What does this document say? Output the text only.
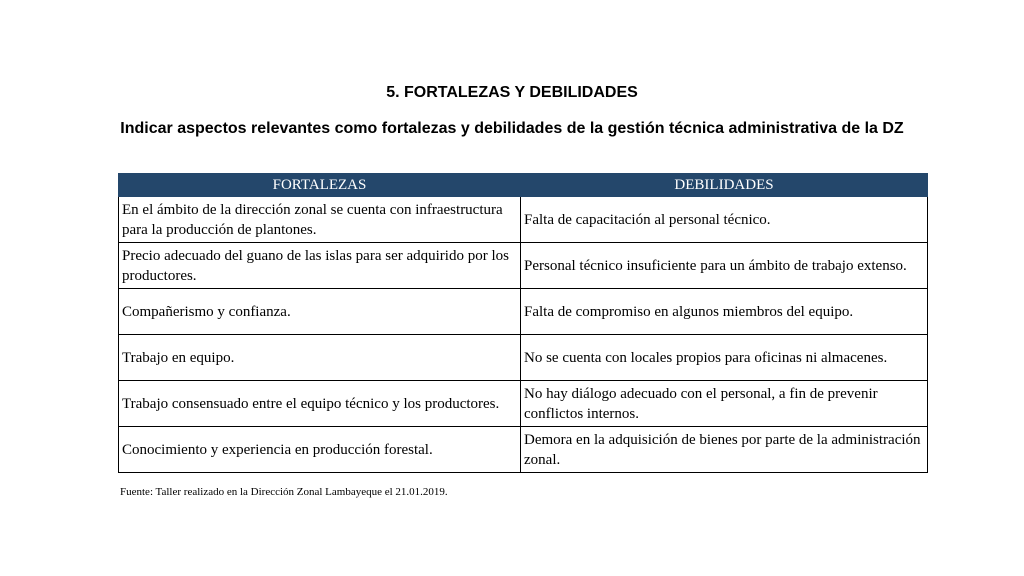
5. FORTALEZAS Y DEBILIDADES
Indicar aspectos relevantes como fortalezas y debilidades de la gestión técnica administrativa de la DZ
FORTALEZAS	DEBILIDADES
En el ámbito de la dirección zonal se cuenta con infraestructura para la producción de plantones.	Falta de capacitación al personal técnico.
Precio adecuado del guano de las islas para ser adquirido por los productores.	Personal técnico insuficiente para un ámbito de trabajo extenso.
Compañerismo y confianza.	Falta de compromiso en algunos miembros del equipo.
Trabajo en equipo.	No se cuenta con locales propios para oficinas ni almacenes.
Trabajo consensuado entre el equipo técnico y los productores.	No hay diálogo adecuado con el personal, a fin de prevenir conflictos internos.
Conocimiento y experiencia en producción forestal.	Demora en la adquisición de bienes por parte de la administración zonal.
Fuente: Taller realizado en la Dirección Zonal Lambayeque el 21.01.2019.
